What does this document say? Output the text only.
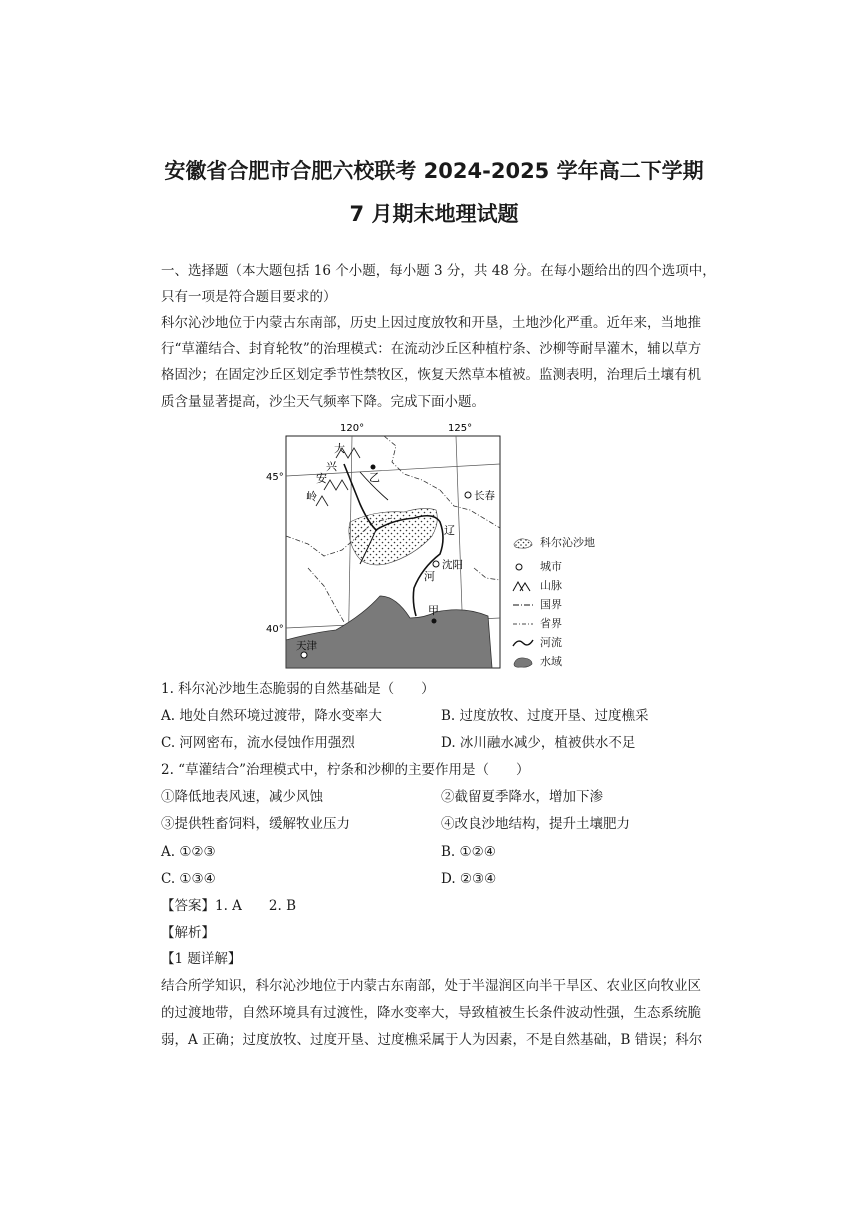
安徽省合肥市合肥六校联考 2024-2025 学年高二下学期
7 月期末地理试题
一、选择题（本大题包括 16 个小题，每小题 3 分，共 48 分。在每小题给出的四个选项中，
只有一项是符合题目要求的）
科尔沁沙地位于内蒙古东南部，历史上因过度放牧和开垦，土地沙化严重。近年来，当地推
行“草灌结合、封育轮牧”的治理模式：在流动沙丘区种植柠条、沙柳等耐旱灌木，辅以草方
格固沙；在固定沙丘区划定季节性禁牧区，恢复天然草本植被。监测表明，治理后土壤有机
质含量显著提高，沙尘天气频率下降。完成下面小题。
120°	125°
45°
40°
大
兴
安
岭
乙
甲
长春
沈阳
天津
辽
河
科尔沁沙地
城市
山脉
国界
省界
河流
水域
1. 科尔沁沙地生态脆弱的自然基础是（　　）
A. 地处自然环境过渡带，降水变率大	B. 过度放牧、过度开垦、过度樵采
C. 河网密布，流水侵蚀作用强烈	D. 冰川融水减少，植被供水不足
2. “草灌结合”治理模式中，柠条和沙柳的主要作用是（　　）
①降低地表风速，减少风蚀	②截留夏季降水，增加下渗
③提供牲畜饲料，缓解牧业压力	④改良沙地结构，提升土壤肥力
A. ①②③	B. ①②④
C. ①③④	D. ②③④
【答案】1. A　　2. B
【解析】
【1 题详解】
结合所学知识，科尔沁沙地位于内蒙古东南部，处于半湿润区向半干旱区、农业区向牧业区
的过渡地带，自然环境具有过渡性，降水变率大，导致植被生长条件波动性强，生态系统脆
弱，A 正确；过度放牧、过度开垦、过度樵采属于人为因素，不是自然基础，B 错误；科尔
